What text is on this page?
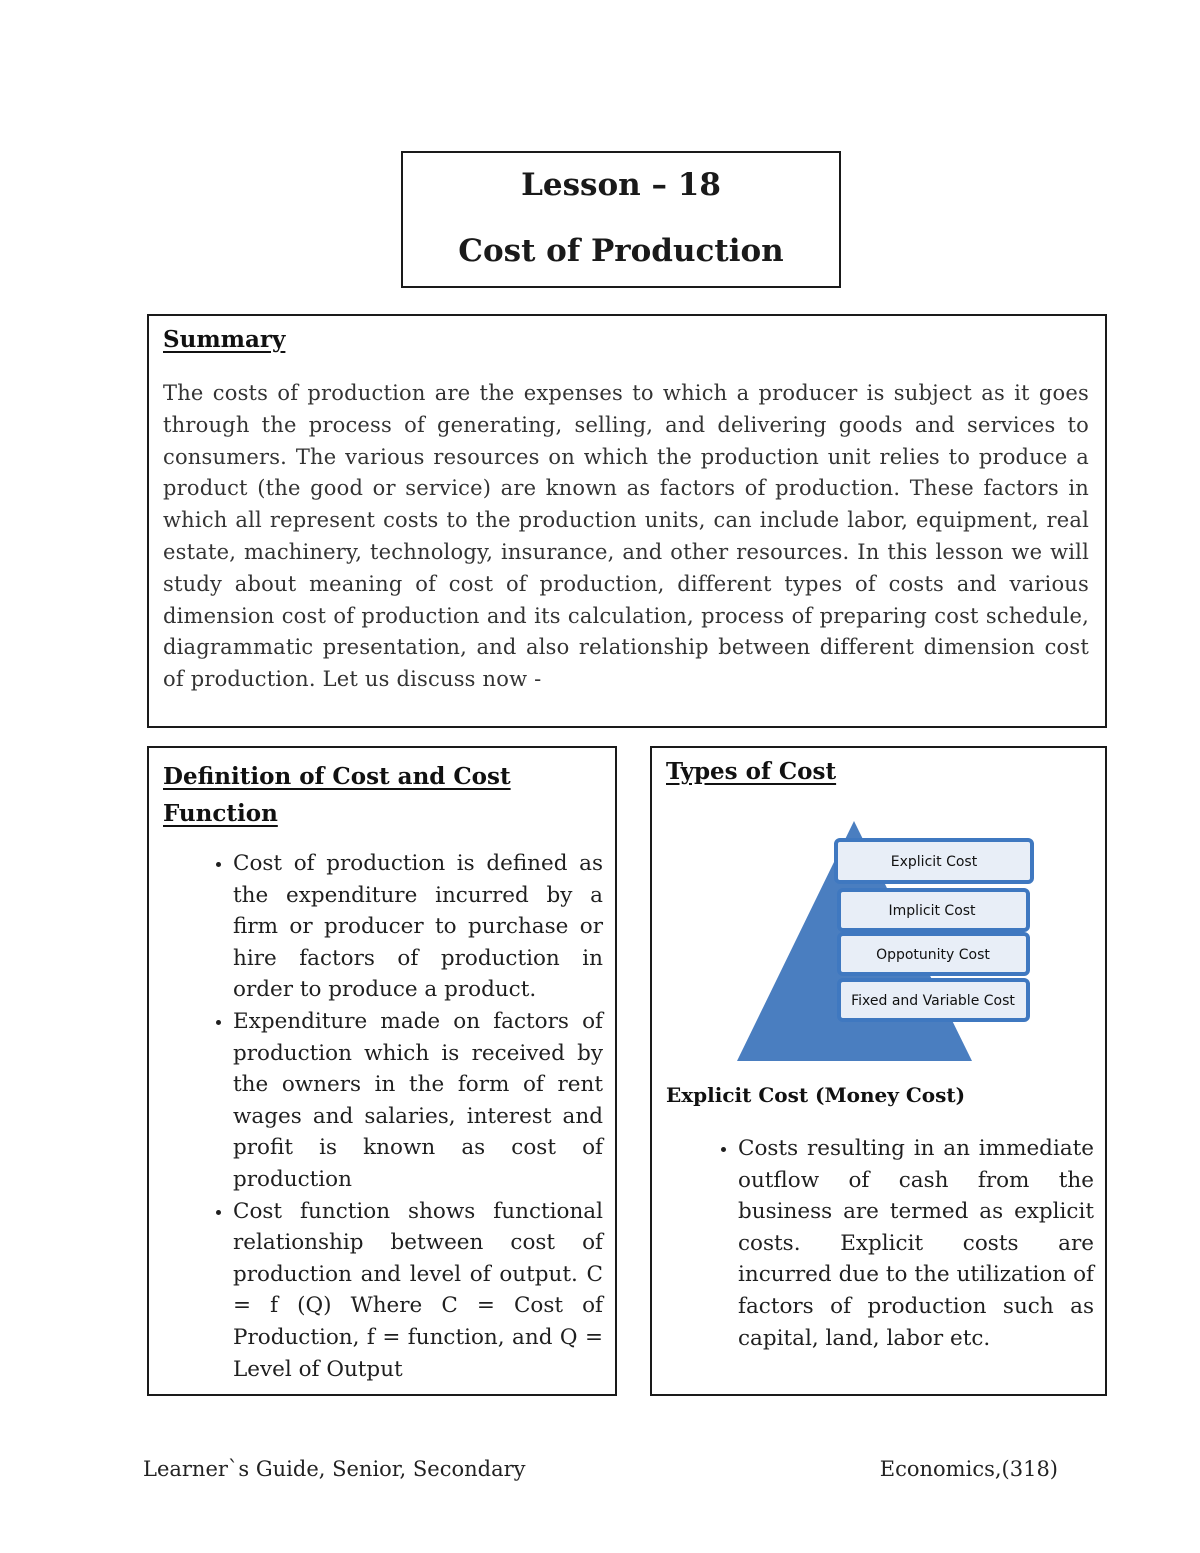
Lesson – 18
Cost of Production
Summary
The costs of production are the expenses to which a producer is subject as it goes through the process of generating, selling, and delivering goods and services to consumers. The various resources on which the production unit relies to produce a product (the good or service) are known as factors of production. These factors in which all represent costs to the production units, can include labor, equipment, real estate, machinery, technology, insurance, and other resources. In this lesson we will study about meaning of cost of production, different types of costs and various dimension cost of production and its calculation, process of preparing cost schedule, diagrammatic presentation, and also relationship between different dimension cost of production. Let us discuss now -
Definition of Cost and Cost Function
• Cost of production is defined as the expenditure incurred by a firm or producer to purchase or hire factors of production in order to produce a product.
• Expenditure made on factors of production which is received by the owners in the form of rent wages and salaries, interest and profit is known as cost of production
• Cost function shows functional relationship between cost of production and level of output. C = f (Q) Where C = Cost of Production, f = function, and Q = Level of Output
Types of Cost
Explicit Cost
Implicit Cost
Oppotunity Cost
Fixed and Variable Cost
Explicit Cost (Money Cost)
• Costs resulting in an immediate outflow of cash from the business are termed as explicit costs. Explicit costs are incurred due to the utilization of factors of production such as capital, land, labor etc.
Learner`s Guide, Senior, Secondary	Economics,(318)
